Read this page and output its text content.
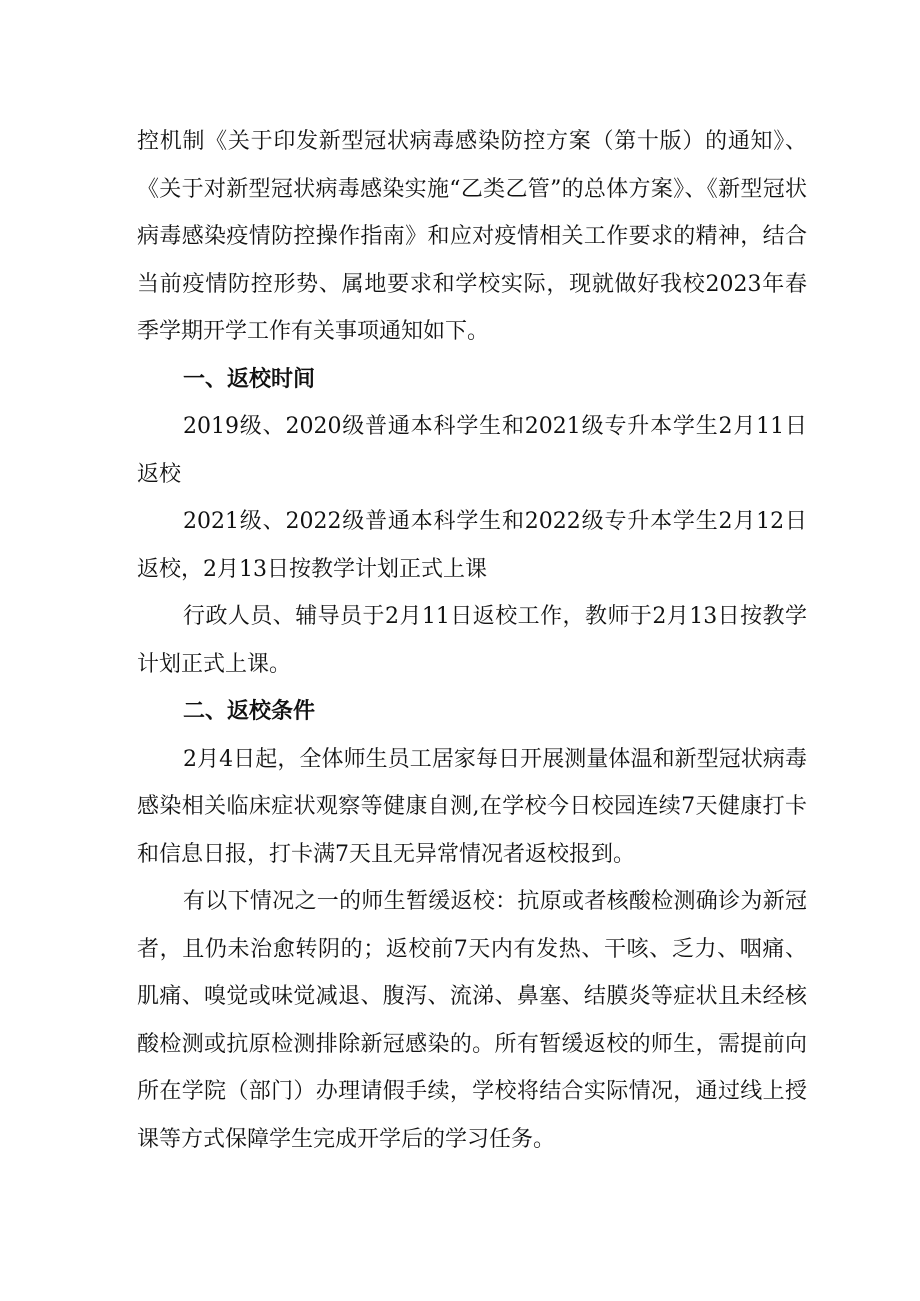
控机制《关于印发新型冠状病毒感染防控方案（第十版）的通知》、《关于对新型冠状病毒感染实施“乙类乙管”的总体方案》、《新型冠状病毒感染疫情防控操作指南》和应对疫情相关工作要求的精神，结合当前疫情防控形势、属地要求和学校实际，现就做好我校2023年春季学期开学工作有关事项通知如下。

一、返校时间

2019级、2020级普通本科学生和2021级专升本学生2月11日返校

2021级、2022级普通本科学生和2022级专升本学生2月12日返校，2月13日按教学计划正式上课

行政人员、辅导员于2月11日返校工作，教师于2月13日按教学计划正式上课。

二、返校条件

2月4日起，全体师生员工居家每日开展测量体温和新型冠状病毒感染相关临床症状观察等健康自测,在学校今日校园连续7天健康打卡和信息日报，打卡满7天且无异常情况者返校报到。

有以下情况之一的师生暂缓返校：抗原或者核酸检测确诊为新冠者，且仍未治愈转阴的；返校前7天内有发热、干咳、乏力、咽痛、肌痛、嗅觉或味觉减退、腹泻、流涕、鼻塞、结膜炎等症状且未经核酸检测或抗原检测排除新冠感染的。所有暂缓返校的师生，需提前向所在学院（部门）办理请假手续，学校将结合实际情况，通过线上授课等方式保障学生完成开学后的学习任务。
